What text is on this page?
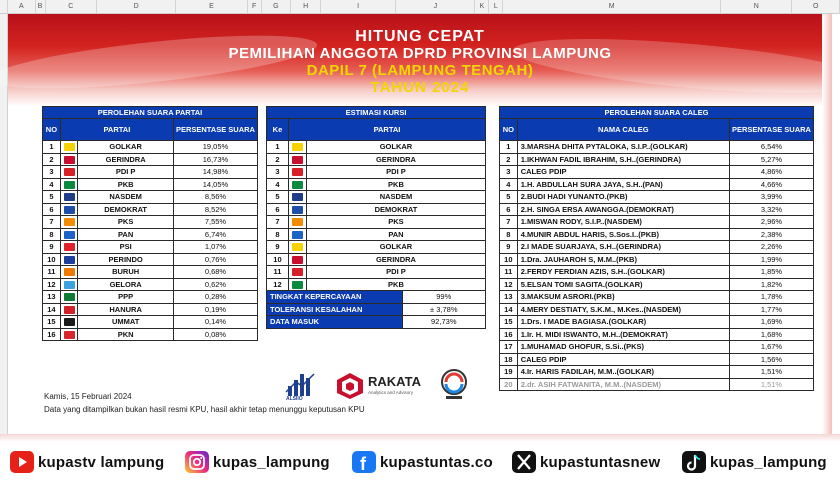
A	B	C	D	E	F	G	H	I	J	K	L	M	N	O
HITUNG CEPAT
PEMILIHAN ANGGOTA DPRD PROVINSI LAMPUNG
DAPIL 7 (LAMPUNG TENGAH)
TAHUN 2024
PEROLEHAN SUARA PARTAI			
NO	PARTAI		PERSENTASE SUARA
1		GOLKAR	19,05%
2		GERINDRA	16,73%
3		PDI P	14,98%
4		PKB	14,05%
5		NASDEM	8,56%
6		DEMOKRAT	8,52%
7		PKS	7,55%
8		PAN	6,74%
9		PSI	1,07%
10		PERINDO	0,76%
11		BURUH	0,68%
12		GELORA	0,62%
13		PPP	0,28%
14		HANURA	0,19%
15		UMMAT	0,14%
16		PKN	0,08%
ESTIMASI KURSI			
Ke	PARTAI		
1		GOLKAR	
2		GERINDRA	
3		PDI P	
4		PKB	
5		NASDEM	
6		DEMOKRAT	
7		PKS	
8		PAN	
9		GOLKAR	
10		GERINDRA	
11		PDI P	
12		PKB	
TINGKAT KEPERCAYAAN			99%
TOLERANSI KESALAHAN			± 3,78%
DATA MASUK			92,73%
PEROLEHAN SUARA CALEG		
NO	NAMA CALEG	PERSENTASE SUARA
1	3.MARSHA DHITA PYTALOKA, S.I.P..(GOLKAR)	6,54%
2	1.IKHWAN FADIL IBRAHIM, S.H..(GERINDRA)	5,27%
3	CALEG PDIP	4,86%
4	1.H. ABDULLAH SURA JAYA, S.H..(PAN)	4,66%
5	2.BUDI HADI YUNANTO.(PKB)	3,99%
6	2.H. SINGA ERSA AWANGGA.(DEMOKRAT)	3,32%
7	1.MISWAN RODY, S.I.P..(NASDEM)	2,96%
8	4.MUNIR ABDUL HARIS, S.Sos.I..(PKB)	2,38%
9	2.I MADE SUARJAYA, S.H..(GERINDRA)	2,26%
10	1.Dra. JAUHAROH S, M.M..(PKB)	1,99%
11	2.FERDY FERDIAN AZIS, S.H..(GOLKAR)	1,85%
12	5.ELSAN TOMI SAGITA.(GOLKAR)	1,82%
13	3.MAKSUM ASRORI.(PKB)	1,78%
14	4.MERY DESTIATY, S.K.M., M.Kes..(NASDEM)	1,77%
15	1.Drs. I MADE BAGIASA.(GOLKAR)	1,69%
16	1.Ir. H. MIDI ISWANTO, M.H..(DEMOKRAT)	1,68%
17	1.MUHAMAD GHOFUR, S.Si..(PKS)	1,67%
18	CALEG PDIP	1,56%
19	4.Ir. HARIS FADILAH, M.M..(GOLKAR)	1,51%
20	2.dr. ASIH FATWANITA, M.M..(NASDEM)	1,51%
ALSIIO
RAKATA
Analytics and Advisory
Kamis, 15 Februari 2024
Data yang ditampilkan bukan hasil resmi KPU, hasil akhir tetap menunggu keputusan KPU
kupastv lampung	kupas_lampung f kupastuntas.co	kupastuntasnew	kupas_lampung
